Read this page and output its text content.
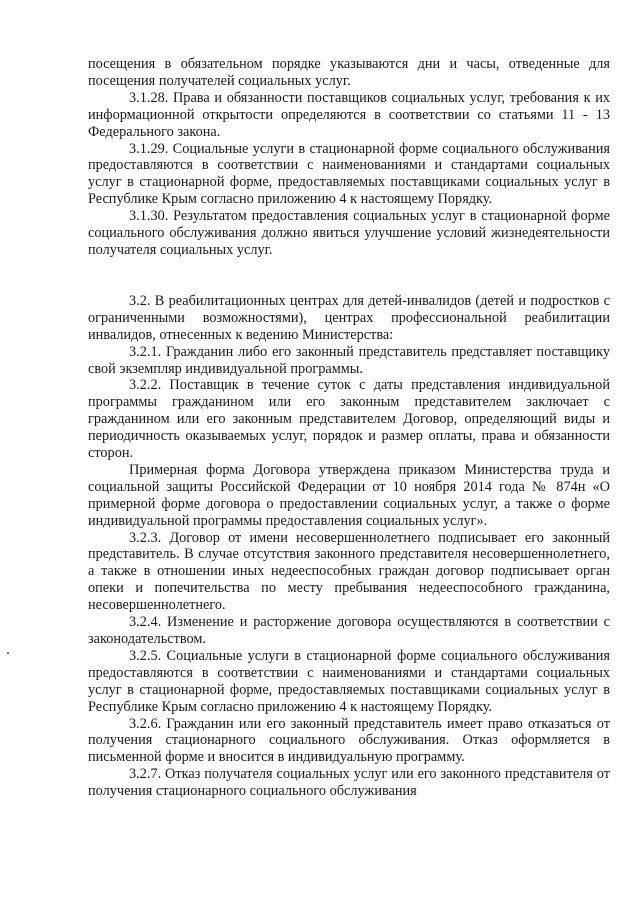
посещения в обязательном порядке указываются дни и часы, отведенные для посещения получателей социальных услуг.

3.1.28. Права и обязанности поставщиков социальных услуг, требования к их информационной открытости определяются в соответствии со статьями 11 - 13 Федерального закона.

3.1.29. Социальные услуги в стационарной форме социального обслуживания предоставляются в соответствии с наименованиями и стандартами социальных услуг в стационарной форме, предоставляемых поставщиками социальных услуг в Республике Крым согласно приложению 4 к настоящему Порядку.

3.1.30. Результатом предоставления социальных услуг в стационарной форме социального обслуживания должно явиться улучшение условий жизнедеятельности получателя социальных услуг.

3.2. В реабилитационных центрах для детей-инвалидов (детей и подростков с ограниченными возможностями), центрах профессиональной реабилитации инвалидов, отнесенных к ведению Министерства:

3.2.1. Гражданин либо его законный представитель представляет поставщику свой экземпляр индивидуальной программы.

3.2.2. Поставщик в течение суток с даты представления индивидуальной программы гражданином или его законным представителем заключает с гражданином или его законным представителем Договор, определяющий виды и периодичность оказываемых услуг, порядок и размер оплаты, права и обязанности сторон.

Примерная форма Договора утверждена приказом Министерства труда и социальной защиты Российской Федерации от 10 ноября 2014 года № 874н «О примерной форме договора о предоставлении социальных услуг, а также о форме индивидуальной программы предоставления социальных услуг».

3.2.3. Договор от имени несовершеннолетнего подписывает его законный представитель. В случае отсутствия законного представителя несовершеннолетнего, а также в отношении иных недееспособных граждан договор подписывает орган опеки и попечительства по месту пребывания недееспособного гражданина, несовершеннолетнего.

3.2.4. Изменение и расторжение договора осуществляются в соответствии с законодательством.

3.2.5. Социальные услуги в стационарной форме социального обслуживания предоставляются в соответствии с наименованиями и стандартами социальных услуг в стационарной форме, предоставляемых поставщиками социальных услуг в Республике Крым согласно приложению 4 к настоящему Порядку.

3.2.6. Гражданин или его законный представитель имеет право отказаться от получения стационарного социального обслуживания. Отказ оформляется в письменной форме и вносится в индивидуальную программу.

3.2.7. Отказ получателя социальных услуг или его законного представителя от получения стационарного социального обслуживания
